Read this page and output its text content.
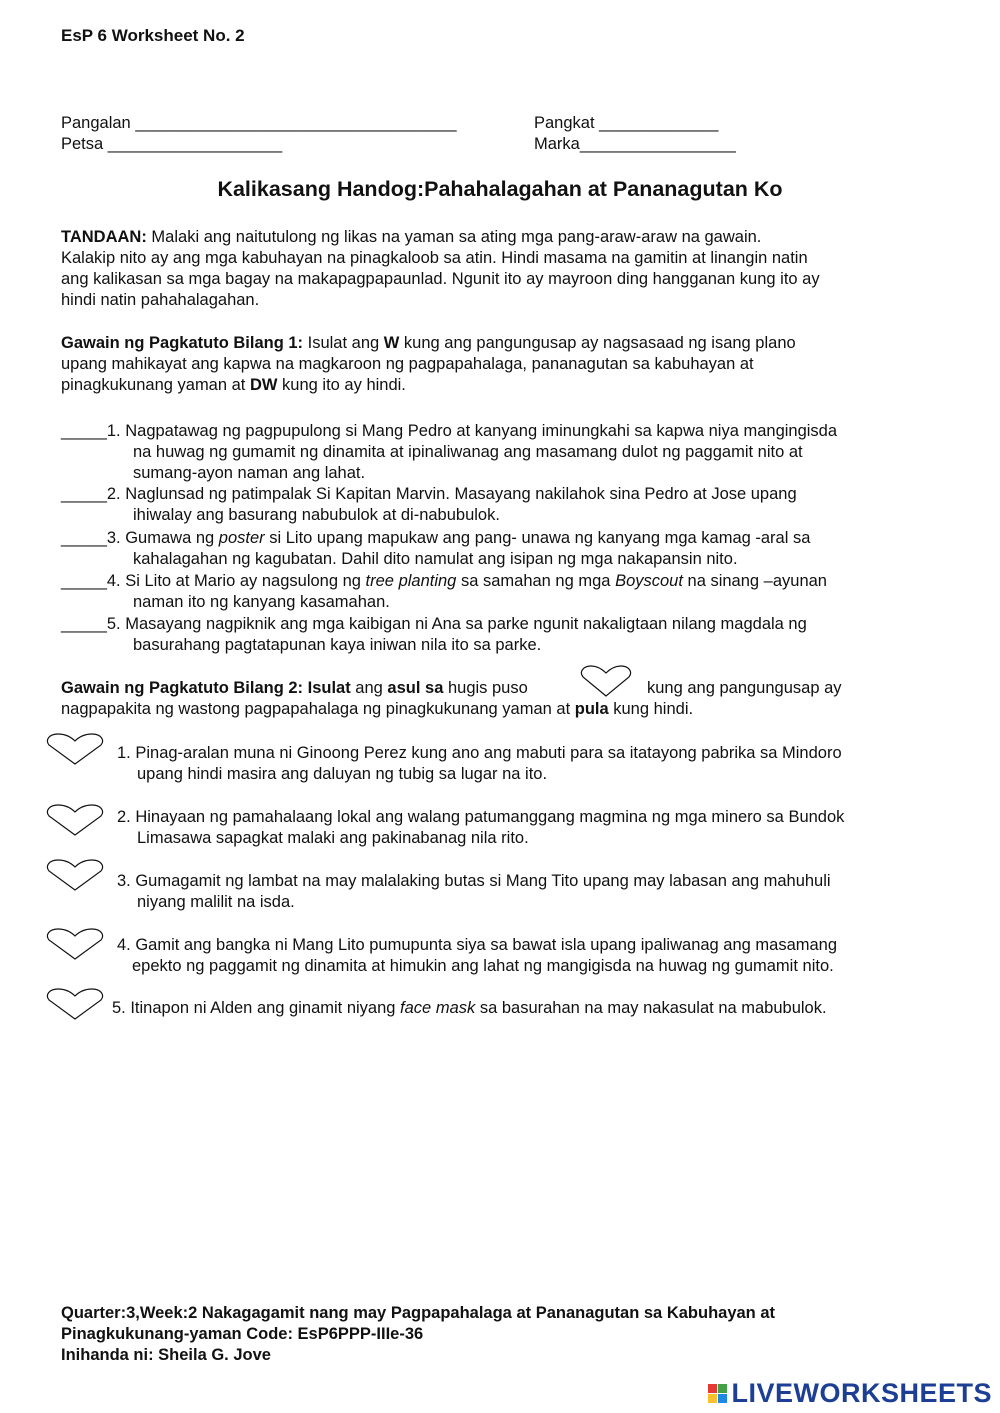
EsP 6 Worksheet No. 2
Pangalan ___________________________________	Pangkat _____________
Petsa ___________________	Marka_________________
Kalikasang Handog:Pahahalagahan at Pananagutan Ko
TANDAAN: Malaki ang naitutulong ng likas na yaman sa ating mga pang-araw-araw na gawain.
Kalakip nito ay ang mga kabuhayan na pinagkaloob sa atin. Hindi masama na gamitin at linangin natin
ang kalikasan sa mga bagay na makapagpapaunlad. Ngunit ito ay mayroon ding hangganan kung ito ay
hindi natin pahahalagahan.
Gawain ng Pagkatuto Bilang 1: Isulat ang W kung ang pangungusap ay nagsasaad ng isang plano
upang mahikayat ang kapwa na magkaroon ng pagpapahalaga, pananagutan sa kabuhayan at
pinagkukunang yaman at DW kung ito ay hindi.
_____1. Nagpatawag ng pagpupulong si Mang Pedro at kanyang iminungkahi sa kapwa niya mangingisda
na huwag ng gumamit ng dinamita at ipinaliwanag ang masamang dulot ng paggamit nito at
sumang-ayon naman ang lahat.
_____2. Naglunsad ng patimpalak Si Kapitan Marvin. Masayang nakilahok sina Pedro at Jose upang
ihiwalay ang basurang nabubulok at di-nabubulok.
_____3. Gumawa ng poster si Lito upang mapukaw ang pang- unawa ng kanyang mga kamag -aral sa
kahalagahan ng kagubatan. Dahil dito namulat ang isipan ng mga nakapansin nito.
_____4. Si Lito at Mario ay nagsulong ng tree planting sa samahan ng mga Boyscout na sinang –ayunan
naman ito ng kanyang kasamahan.
_____5. Masayang nagpiknik ang mga kaibigan ni Ana sa parke ngunit nakaligtaan nilang magdala ng
basurahang pagtatapunan kaya iniwan nila ito sa parke.
Gawain ng Pagkatuto Bilang 2: Isulat ang asul sa hugis puso
nagpapakita ng wastong pagpapahalaga ng pinagkukunang yaman at pula kung hindi.
kung ang pangungusap ay
1. Pinag-aralan muna ni Ginoong Perez kung ano ang mabuti para sa itatayong pabrika sa Mindoro
upang hindi masira ang daluyan ng tubig sa lugar na ito.
2. Hinayaan ng pamahalaang lokal ang walang patumanggang magmina ng mga minero sa Bundok
Limasawa sapagkat malaki ang pakinabanag nila rito.
3. Gumagamit ng lambat na may malalaking butas si Mang Tito upang may labasan ang mahuhuli
niyang malilit na isda.
4. Gamit ang bangka ni Mang Lito pumupunta siya sa bawat isla upang ipaliwanag ang masamang
epekto ng paggamit ng dinamita at himukin ang lahat ng mangigisda na huwag ng gumamit nito.
5. Itinapon ni Alden ang ginamit niyang face mask sa basurahan na may nakasulat na mabubulok.
Quarter:3,Week:2 Nakagagamit nang may Pagpapahalaga at Pananagutan sa Kabuhayan at
Pinagkukunang-yaman Code: EsP6PPP-IIIe-36
Inihanda ni: Sheila G. Jove
LIVEWORKSHEETS
